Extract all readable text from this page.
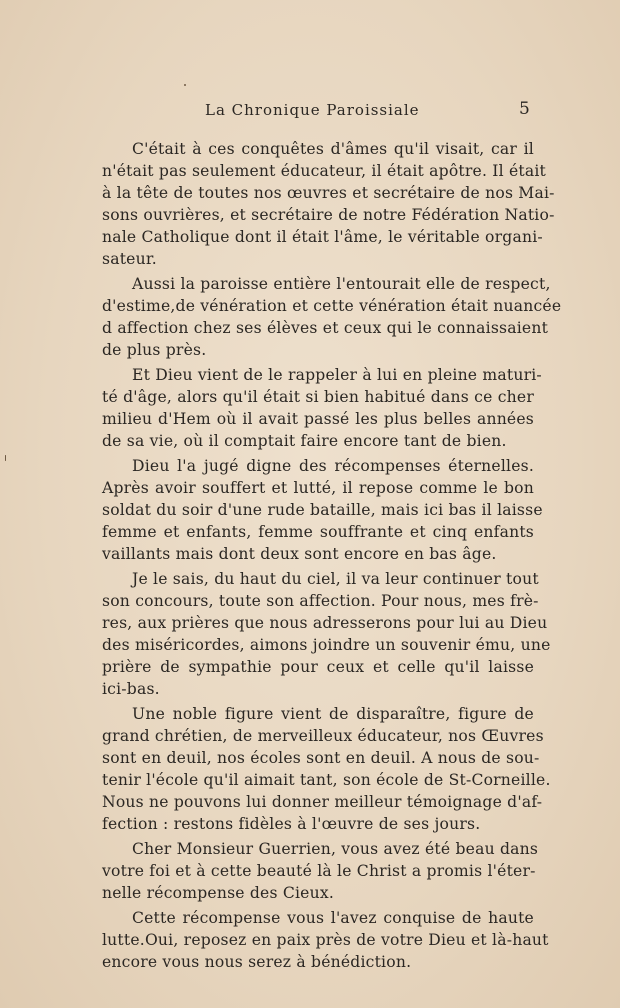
La Chronique Paroissiale	5
C'était à ces conquêtes d'âmes qu'il visait, car il
n'était pas seulement éducateur, il était apôtre. Il était
à la tête de toutes nos œuvres et secrétaire de nos Mai-
sons ouvrières, et secrétaire de notre Fédération Natio-
nale Catholique dont il était l'âme, le véritable organi-
sateur.
Aussi la paroisse entière l'entourait elle de respect,
d'estime,de vénération et cette vénération était nuancée
d affection chez ses élèves et ceux qui le connaissaient
de plus près.
Et Dieu vient de le rappeler à lui en pleine maturi-
té d'âge, alors qu'il était si bien habitué dans ce cher
milieu d'Hem où il avait passé les plus belles années
de sa vie, où il comptait faire encore tant de bien.
Dieu l'a jugé digne des récompenses éternelles.
Après avoir souffert et lutté, il repose comme le bon
soldat du soir d'une rude bataille, mais ici bas il laisse
femme et enfants, femme souffrante et cinq enfants
vaillants mais dont deux sont encore en bas âge.
Je le sais, du haut du ciel, il va leur continuer tout
son concours, toute son affection. Pour nous, mes frè-
res, aux prières que nous adresserons pour lui au Dieu
des miséricordes, aimons joindre un souvenir ému, une
prière de sympathie pour ceux et celle qu'il laisse
ici-bas.
Une noble figure vient de disparaître, figure de
grand chrétien, de merveilleux éducateur, nos Œuvres
sont en deuil, nos écoles sont en deuil. A nous de sou-
tenir l'école qu'il aimait tant, son école de St-Corneille.
Nous ne pouvons lui donner meilleur témoignage d'af-
fection : restons fidèles à l'œuvre de ses jours.
Cher Monsieur Guerrien, vous avez été beau dans
votre foi et à cette beauté là le Christ a promis l'éter-
nelle récompense des Cieux.
Cette récompense vous l'avez conquise de haute
lutte.Oui, reposez en paix près de votre Dieu et là-haut
encore vous nous serez à bénédiction.
